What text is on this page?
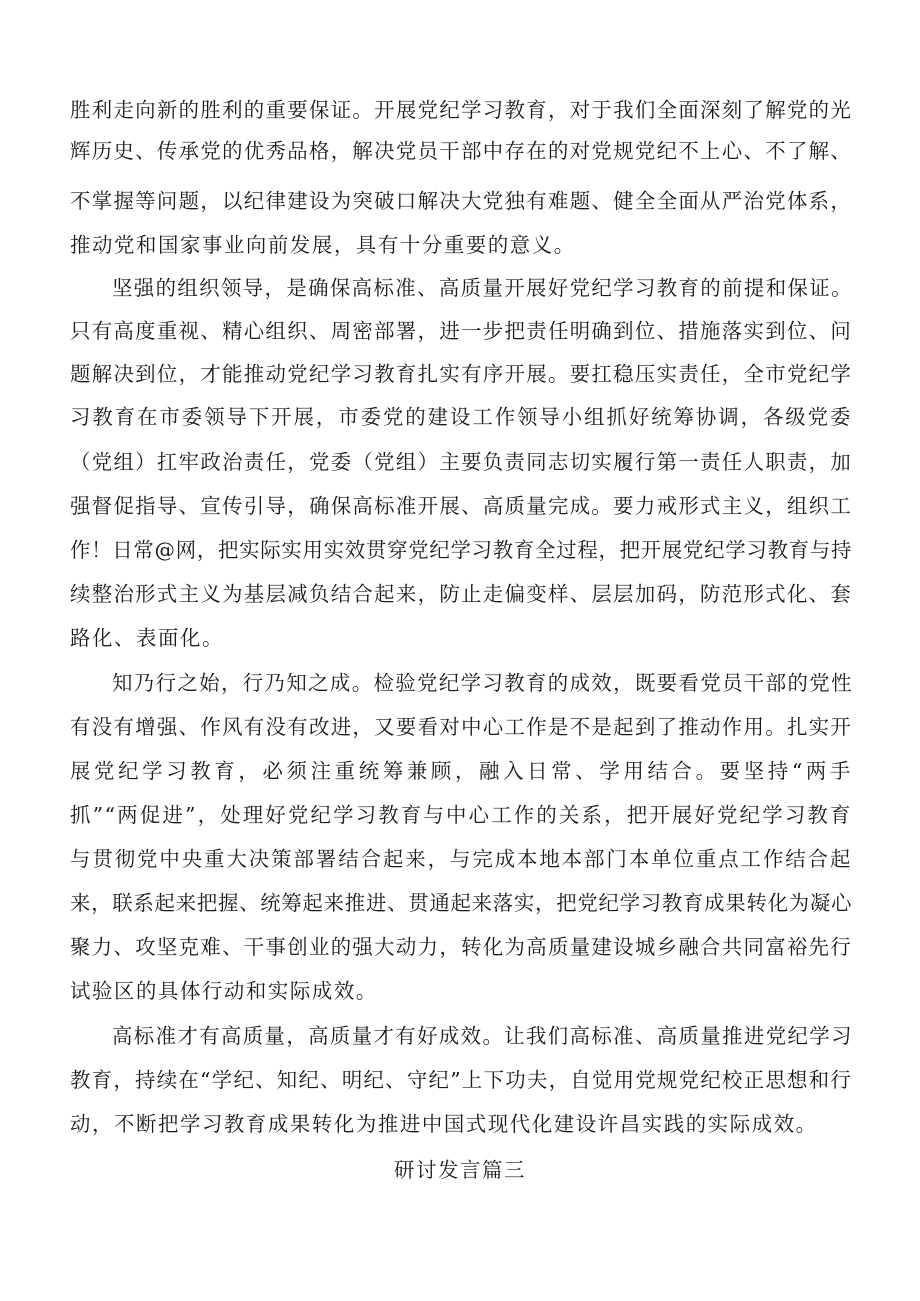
胜利走向新的胜利的重要保证。开展党纪学习教育，对于我们全面深刻了解党的光
辉历史、传承党的优秀品格，解决党员干部中存在的对党规党纪不上心、不了解、
不掌握等问题，以纪律建设为突破口解决大党独有难题、健全全面从严治党体系，
推动党和国家事业向前发展，具有十分重要的意义。
坚强的组织领导，是确保高标准、高质量开展好党纪学习教育的前提和保证。
只有高度重视、精心组织、周密部署，进一步把责任明确到位、措施落实到位、问
题解决到位，才能推动党纪学习教育扎实有序开展。要扛稳压实责任，全市党纪学
习教育在市委领导下开展，市委党的建设工作领导小组抓好统筹协调，各级党委
（党组）扛牢政治责任，党委（党组）主要负责同志切实履行第一责任人职责，加
强督促指导、宣传引导，确保高标准开展、高质量完成。要力戒形式主义，组织工
作！日常@网，把实际实用实效贯穿党纪学习教育全过程，把开展党纪学习教育与持
续整治形式主义为基层减负结合起来，防止走偏变样、层层加码，防范形式化、套
路化、表面化。
知乃行之始，行乃知之成。检验党纪学习教育的成效，既要看党员干部的党性
有没有增强、作风有没有改进，又要看对中心工作是不是起到了推动作用。扎实开
展党纪学习教育，必须注重统筹兼顾，融入日常、学用结合。要坚持“两手
抓”“两促进”，处理好党纪学习教育与中心工作的关系，把开展好党纪学习教育
与贯彻党中央重大决策部署结合起来，与完成本地本部门本单位重点工作结合起
来，联系起来把握、统筹起来推进、贯通起来落实，把党纪学习教育成果转化为凝心
聚力、攻坚克难、干事创业的强大动力，转化为高质量建设城乡融合共同富裕先行
试验区的具体行动和实际成效。
高标准才有高质量，高质量才有好成效。让我们高标准、高质量推进党纪学习
教育，持续在“学纪、知纪、明纪、守纪”上下功夫，自觉用党规党纪校正思想和行
动，不断把学习教育成果转化为推进中国式现代化建设许昌实践的实际成效。
研讨发言篇三
